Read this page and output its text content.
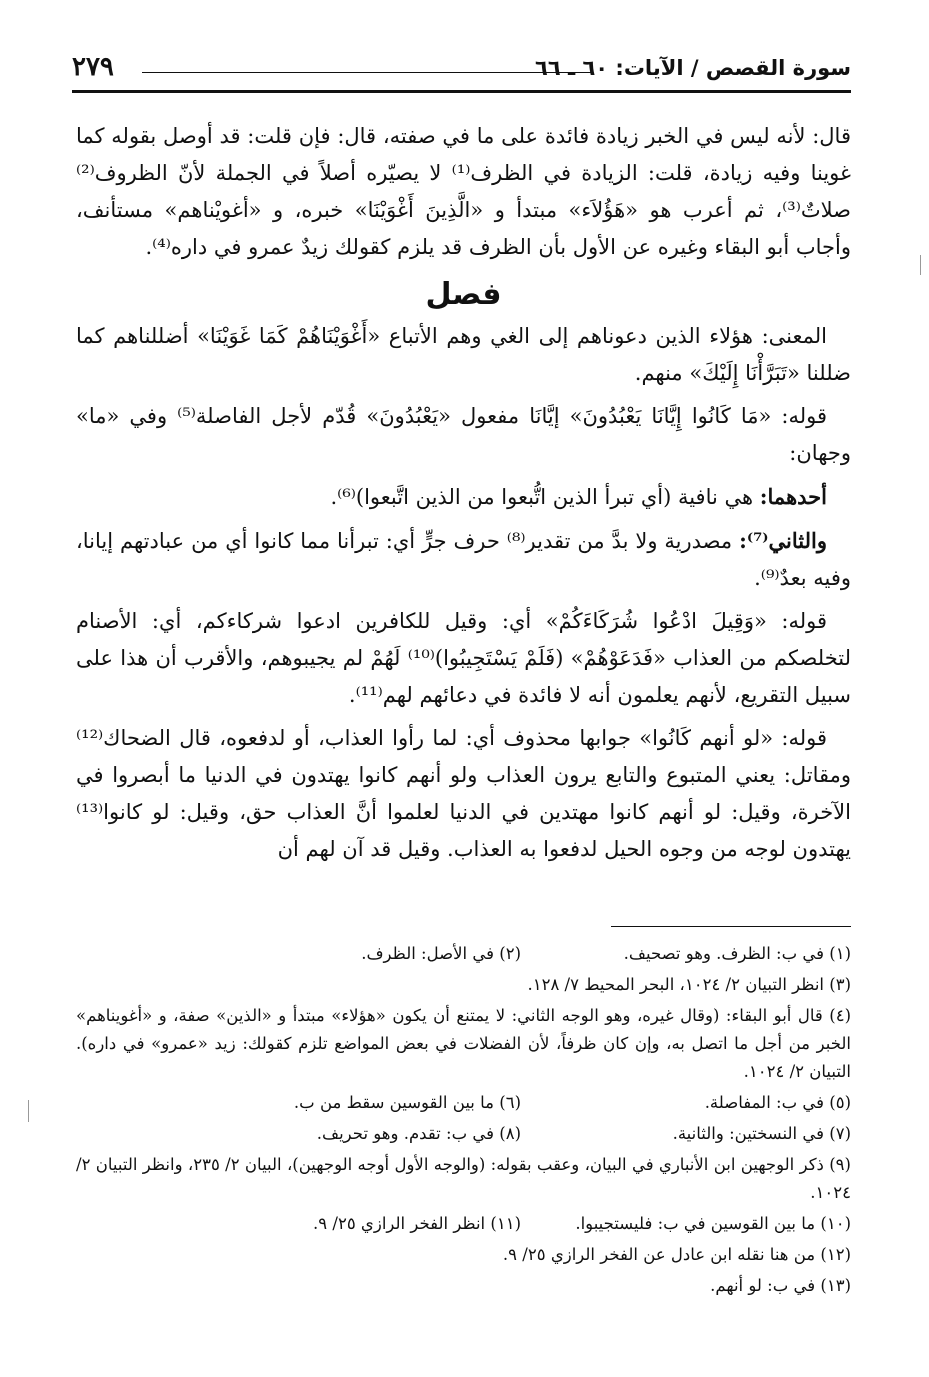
٢٧٩	سورة القصص / الآيات: ٦٠ ـ ٦٦

قال: لأنه ليس في الخبر زيادة فائدة على ما في صفته، قال: فإن قلت: قد أوصل بقوله كما غوينا وفيه زيادة، قلت: الزيادة في الظرف⁽¹⁾ لا يصيّره أصلاً في الجملة لأنّ الظروف⁽²⁾ صلاتٌ⁽³⁾، ثم أعرب هو «هَؤُلاَء» مبتدأ و «الَّذِينَ أَغْوَيْنَا» خبره، و «أغويْناهم» مستأنف، وأجاب أبو البقاء وغيره عن الأول بأن الظرف قد يلزم كقولك زيدٌ عمرو في داره⁽⁴⁾.

فصل

المعنى: هؤلاء الذين دعوناهم إلى الغي وهم الأتباع «أَغْوَيْنَاهُمْ كَمَا غَوَيْنَا» أضللناهم كما ضللنا «تَبَرَّأْنَا إِلَيْكَ» منهم.

قوله: «مَا كَانُوا إِيَّانَا يَعْبُدُونَ» إيَّانَا مفعول «يَعْبُدُونَ» قُدّم لأجل الفاصلة⁽⁵⁾ وفي «ما» وجهان:

أحدهما: هي نافية (أي تبرأ الذين اتُّبعوا من الذين اتَّبعوا)⁽⁶⁾.

والثاني⁽⁷⁾: مصدرية ولا بدَّ من تقدير⁽⁸⁾ حرف جرٍّ أي: تبرأنا مما كانوا أي من عبادتهم إيانا، وفيه بعدٌ⁽⁹⁾.

قوله: «وَقِيلَ ادْعُوا شُرَكَاءَكُمْ» أي: وقيل للكافرين ادعوا شركاءكم، أي: الأصنام لتخلصكم من العذاب «فَدَعَوْهُمْ» (فَلَمْ يَسْتَجِيبُوا)⁽¹⁰⁾ لَهُمْ لم يجيبوهم، والأقرب أن هذا على سبيل التقريع، لأنهم يعلمون أنه لا فائدة في دعائهم لهم⁽¹¹⁾.

قوله: «لو أنهم كَانُوا» جوابها محذوف أي: لما رأوا العذاب، أو لدفعوه، قال الضحاك⁽¹²⁾ ومقاتل: يعني المتبوع والتابع يرون العذاب ولو أنهم كانوا يهتدون في الدنيا ما أبصروا في الآخرة، وقيل: لو أنهم كانوا مهتدين في الدنيا لعلموا أنَّ العذاب حق، وقيل: لو كانوا⁽¹³⁾ يهتدون لوجه من وجوه الحيل لدفعوا به العذاب. وقيل قد آن لهم أن

(١) في ب: الظرف. وهو تصحيف.
(٢) في الأصل: الظرف.
(٣) انظر التبيان ٢/ ١٠٢٤، البحر المحيط ٧/ ١٢٨.
(٤) قال أبو البقاء: (وقال غيره، وهو الوجه الثاني: لا يمتنع أن يكون «هؤلاء» مبتدأ و «الذين» صفة، و «أغويناهم» الخبر من أجل ما اتصل به، وإن كان ظرفاً، لأن الفضلات في بعض المواضع تلزم كقولك: زيد «عمرو» في داره). التبيان ٢/ ١٠٢٤.
(٥) في ب: المفاصلة.
(٦) ما بين القوسين سقط من ب.
(٧) في النسختين: والثانية.
(٨) في ب: تقدم. وهو تحريف.
(٩) ذكر الوجهين ابن الأنباري في البيان، وعقب بقوله: (والوجه الأول أوجه الوجهين)، البيان ٢/ ٢٣٥، وانظر التبيان ٢/ ١٠٢٤.
(١٠) ما بين القوسين في ب: فليستجيبوا.
(١١) انظر الفخر الرازي ٢٥/ ٩.
(١٢) من هنا نقله ابن عادل عن الفخر الرازي ٢٥/ ٩.
(١٣) في ب: لو أنهم.
